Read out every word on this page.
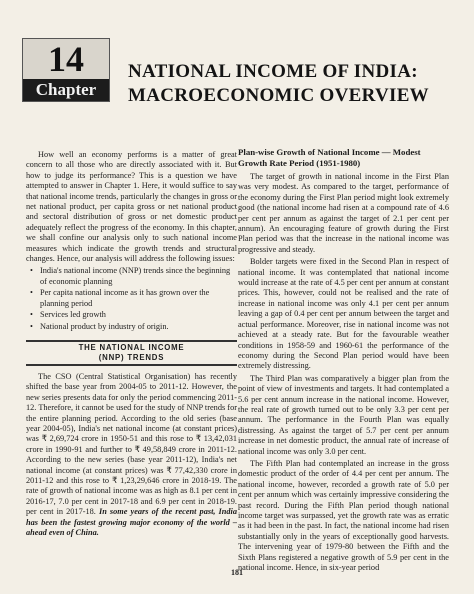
14
Chapter
NATIONAL INCOME OF INDIA:
MACROECONOMIC OVERVIEW

How well an economy performs is a matter of great concern to all those who are directly associated with it. But how to judge its performance? This is a question we have attempted to answer in Chapter 1. Here, it would suffice to say that national income trends, particularly the changes in gross or net national product, per capita gross or net national product and sectoral distribution of gross or net domestic product adequately reflect the progress of the economy. In this chapter, we shall confine our analysis only to such national income measures which indicate the growth trends and structural changes. Hence, our analysis will address the following issues:

• India's national income (NNP) trends since the beginning of economic planning
• Per capita national income as it has grown over the planning period
• Services led growth
• National product by industry of origin.
THE NATIONAL INCOME
(NNP) TRENDS

The CSO (Central Statistical Organisation) has recently shifted the base year from 2004-05 to 2011-12. However, the new series presents data for only the period commencing 2011-12. Therefore, it cannot be used for the study of NNP trends for the entire planning period. According to the old series (base year 2004-05), India's net national income (at constant prices) was ₹ 2,69,724 crore in 1950-51 and this rose to ₹ 13,42,031 crore in 1990-91 and further to ₹ 49,58,849 crore in 2011-12. According to the new series (base year 2011-12), India's net national income (at constant prices) was ₹ 77,42,330 crore in 2011-12 and this rose to ₹ 1,23,29,646 crore in 2018-19. The rate of growth of national income was as high as 8.1 per cent in 2016-17, 7.0 per cent in 2017-18 and 6.9 per cent in 2018-19. per cent in 2017-18. In some years of the recent past, India has been the fastest growing major economy of the world – ahead even of China.

Plan-wise Growth of National Income — Modest Growth Rate Period (1951-1980)

The target of growth in national income in the First Plan was very modest. As compared to the target, performance of the economy during the First Plan period might look extremely good (the national income had risen at a compound rate of 4.6 per cent per annum as against the target of 2.1 per cent per annum). An encouraging feature of growth during the First Plan period was that the increase in the national income was progressive and steady.

Bolder targets were fixed in the Second Plan in respect of national income. It was contemplated that national income would increase at the rate of 4.5 per cent per annum at constant prices. This, however, could not be realised and the rate of increase in national income was only 4.1 per cent per annum leaving a gap of 0.4 per cent per annum between the target and actual performance. Moreover, rise in national income was not achieved at a steady rate. But for the favourable weather conditions in 1958-59 and 1960-61 the performance of the economy during the Second Plan period would have been extremely distressing.

The Third Plan was comparatively a bigger plan from the point of view of investments and targets. It had contemplated a 5.6 per cent annum increase in the national income. However, the real rate of growth turned out to be only 3.3 per cent per annum. The performance in the Fourth Plan was equally distressing. As against the target of 5.7 per cent per annum increase in net domestic product, the annual rate of increase of national income was only 3.0 per cent.

The Fifth Plan had contemplated an increase in the gross domestic product of the order of 4.4 per cent per annum. The national income, however, recorded a growth rate of 5.0 per cent per annum which was certainly impressive considering the past record. During the Fifth Plan period though national income target was surpassed, yet the growth rate was as erratic as it had been in the past. In fact, the national income had risen substantially only in the years of exceptionally good harvests. The intervening year of 1979-80 between the Fifth and the Sixth Plans registered a negative growth of 5.9 per cent in the national income. Hence, in six-year period

181
